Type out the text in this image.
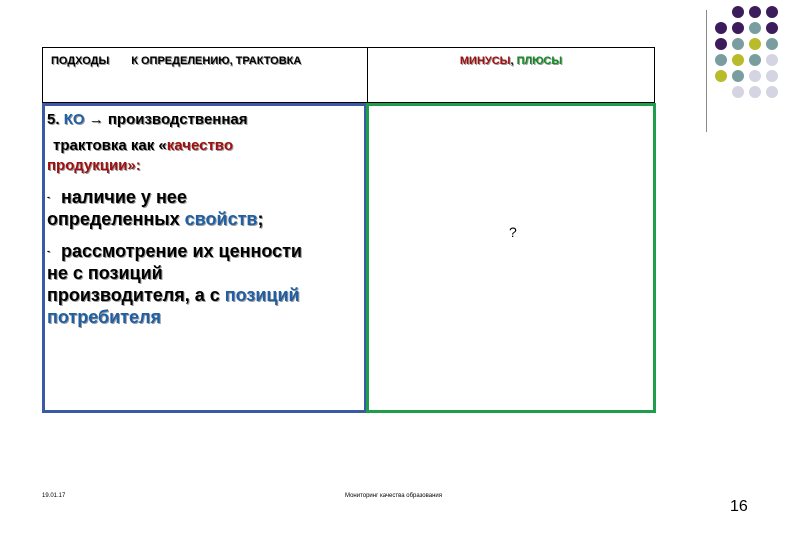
ПОДХОДЫ К ОПРЕДЕЛЕНИЮ, ТРАКТОВКА	МИНУСЫ, ПЛЮСЫ

5. КО → производственная

трактовка как «качество

продукции»:

- наличие у нее
определенных свойств;
- рассмотрение их ценности
не с позиций
производителя, а с позиций
потребителя
?
19.01.17	Мониторинг качества образования
16
